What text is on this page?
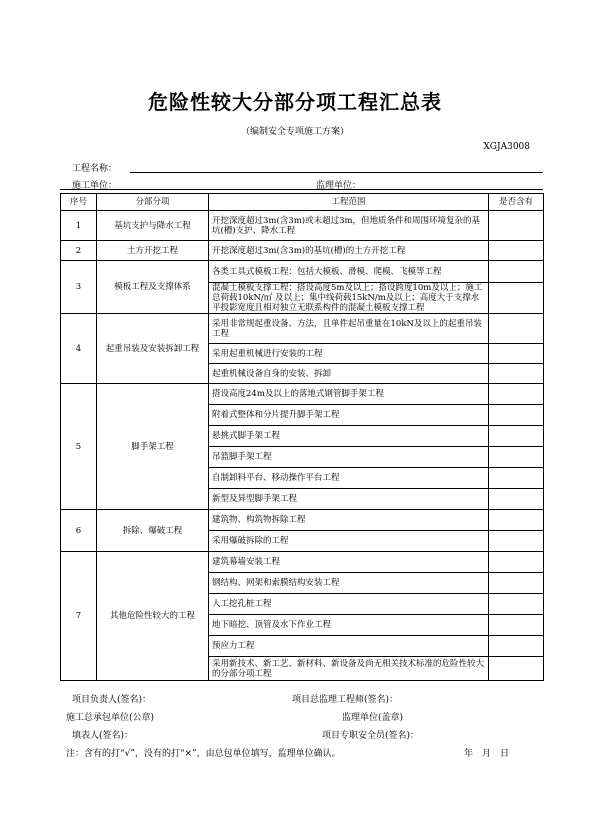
危险性较大分部分项工程汇总表
（编制安全专项施工方案）
XGJA3008
工程名称：
施工单位：	监理单位：
序号	分部分项	工程范围	是否含有
1	基坑支护与降水工程	开挖深度超过3m(含3m)或未超过3m，但地质条件和周围环境复杂的基坑(槽)支护、降水工程	
2	土方开挖工程	开挖深度超过3m(含3m)的基坑(槽)的土方开挖工程	
3	模板工程及支撑体系	各类工具式模板工程：包括大模板、滑模、爬模、飞模等工程	
		混凝土模板支撑工程：搭设高度5m及以上；搭设跨度10m及以上；施工总荷载10kN/㎡ 及以上；集中线荷载15kN/m及以上；高度大于支撑水平投影宽度且相对独立无联系构件的混凝土模板支撑工程	
4	起重吊装及安装拆卸工程	采用非常规起重设备、方法，且单件起吊重量在10kN及以上的起重吊装工程	
		采用起重机械进行安装的工程	
		起重机械设备自身的安装、拆卸	
5	脚手架工程	搭设高度24m及以上的落地式钢管脚手架工程	
		附着式整体和分片提升脚手架工程	
		悬挑式脚手架工程	
		吊篮脚手架工程	
		自制卸料平台、移动操作平台工程	
		新型及异型脚手架工程	
6	拆除、爆破工程	建筑物、构筑物拆除工程	
		采用爆破拆除的工程	
7	其他危险性较大的工程	建筑幕墙安装工程	
		钢结构、网架和索膜结构安装工程	
		人工挖孔桩工程	
		地下暗挖、顶管及水下作业工程	
		预应力工程	
		采用新技术、新工艺、新材料、新设备及尚无相关技术标准的危险性较大的分部分项工程	
项目负责人(签名)：	项目总监理工程师(签名)：
施工总承包单位(公章)	监理单位(盖章)
填表人(签名)：	项目专职安全员(签名)：
注：含有的打“√”，没有的打“×”，由总包单位填写，监理单位确认。	年　月　日
